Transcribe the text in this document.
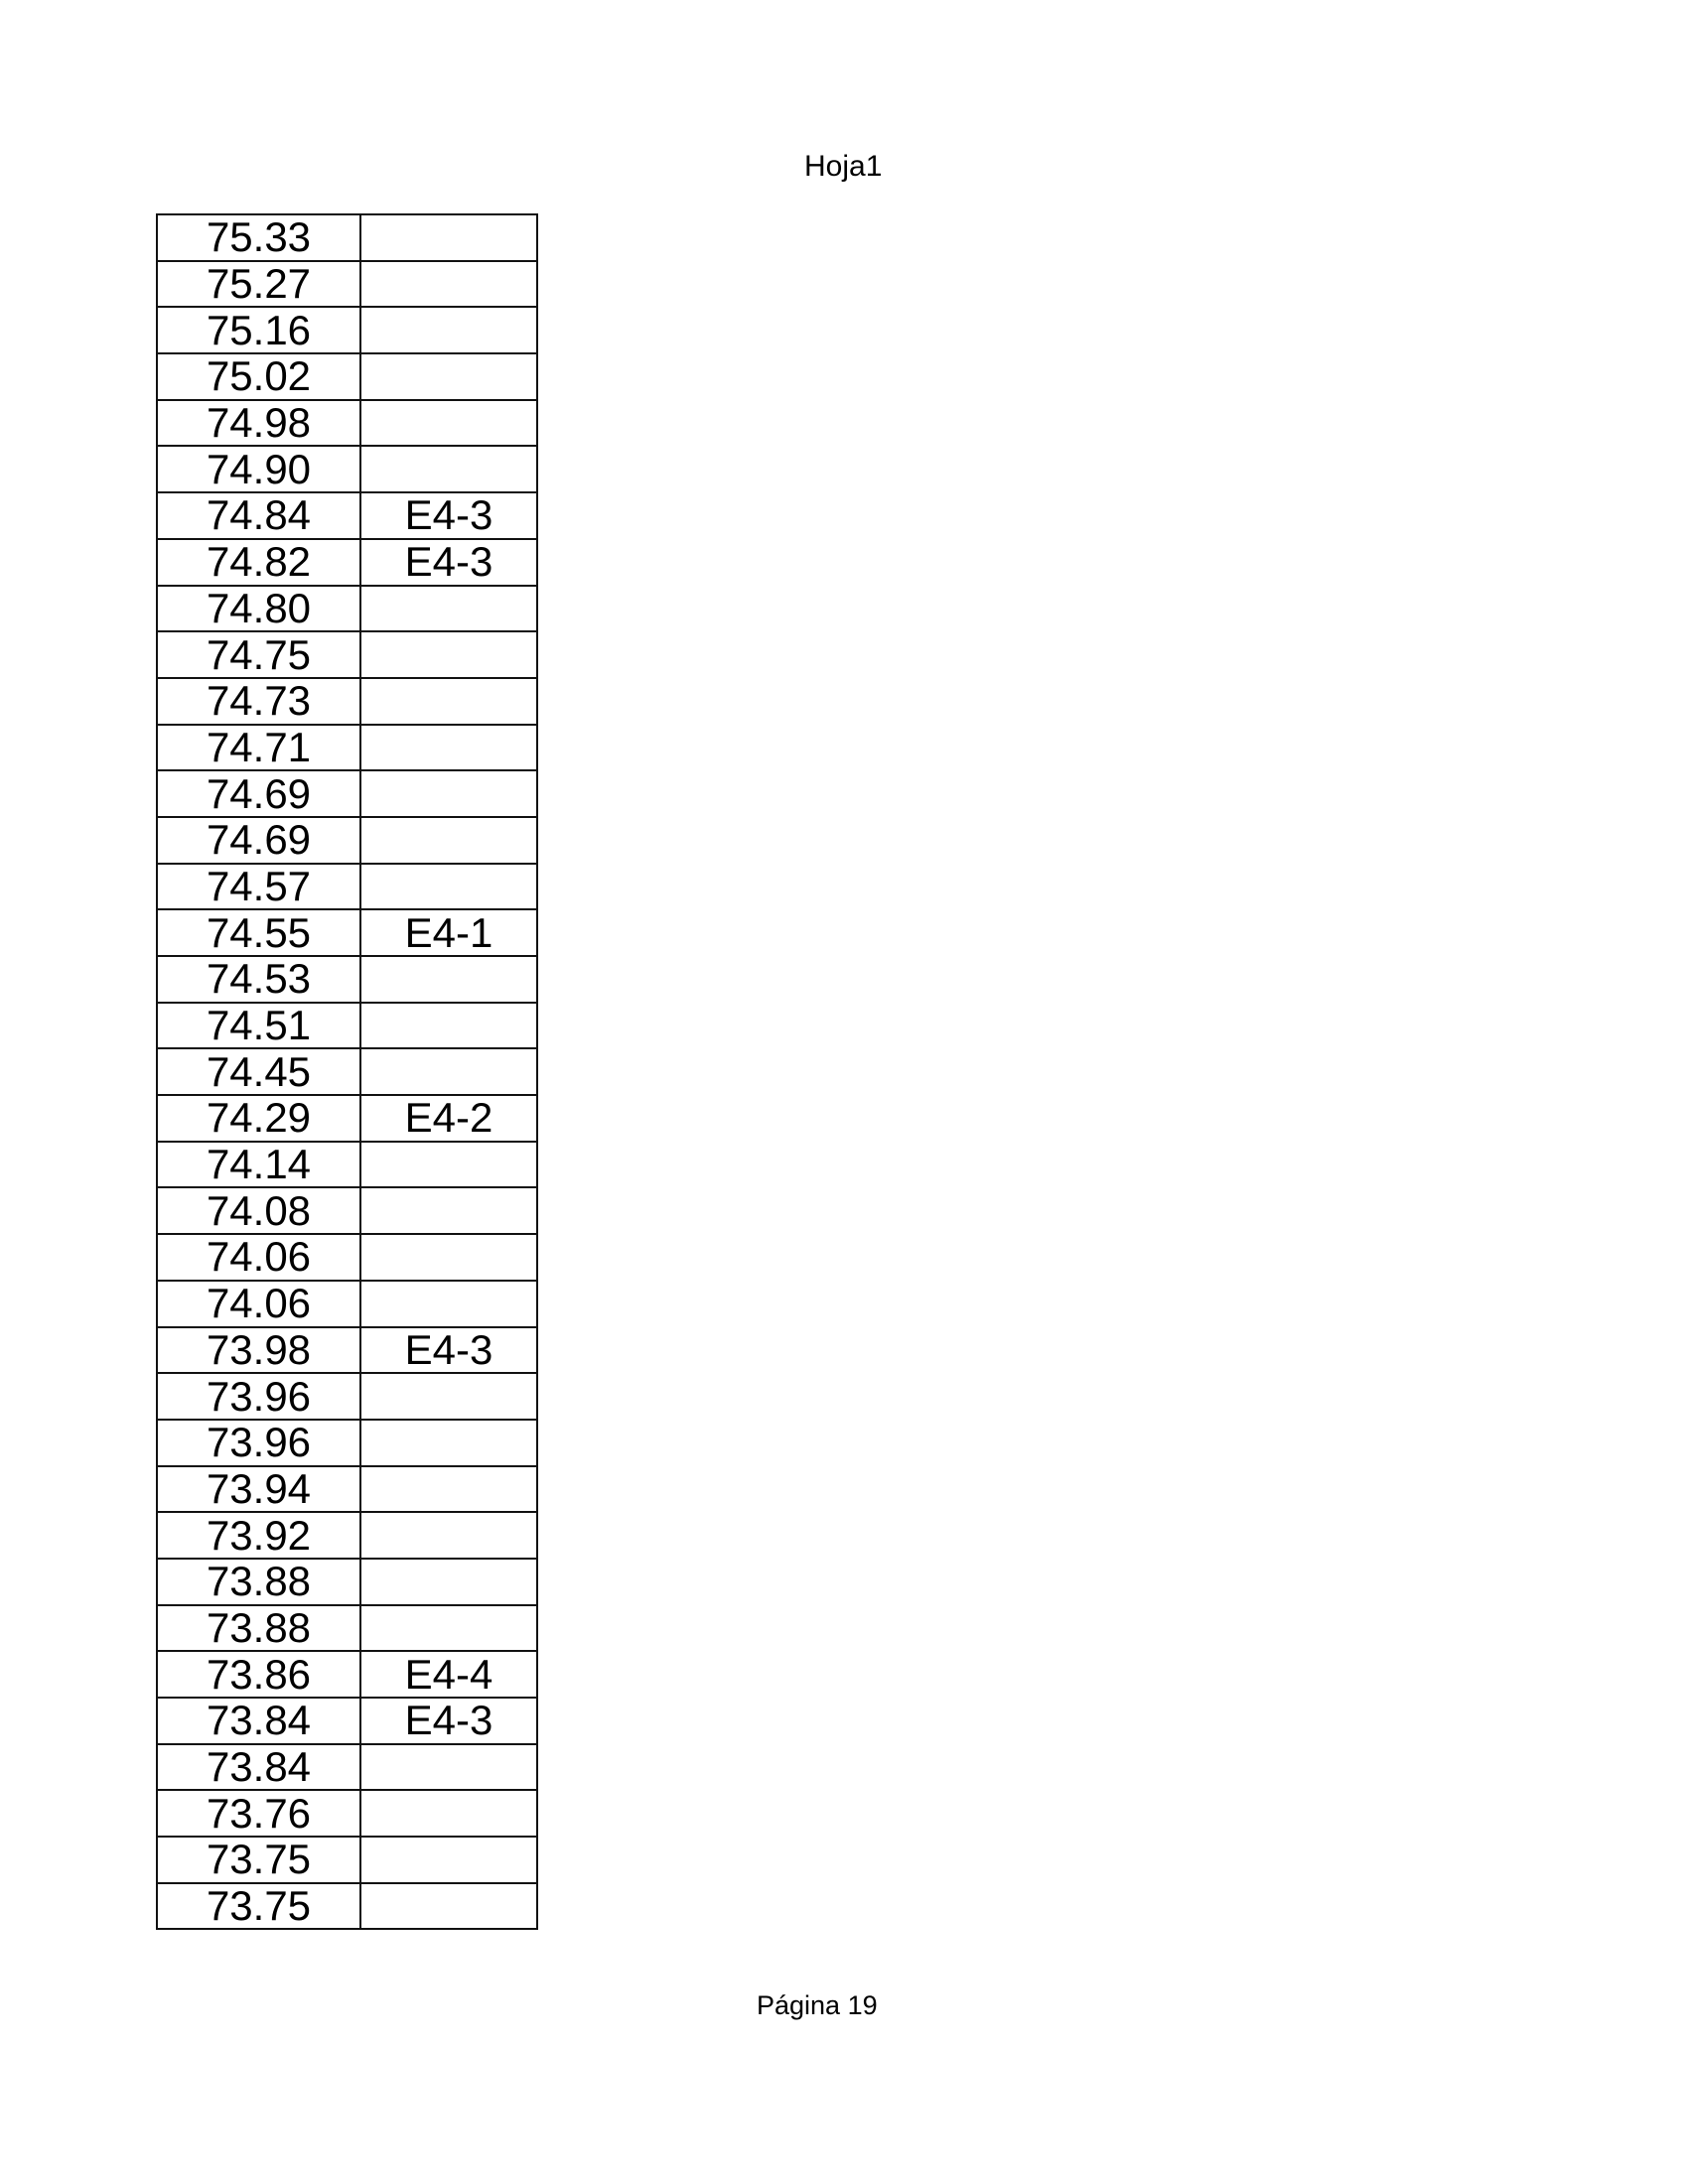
Hoja1
75.33	
75.27	
75.16	
75.02	
74.98	
74.90	
74.84	E4-3
74.82	E4-3
74.80	
74.75	
74.73	
74.71	
74.69	
74.69	
74.57	
74.55	E4-1
74.53	
74.51	
74.45	
74.29	E4-2
74.14	
74.08	
74.06	
74.06	
73.98	E4-3
73.96	
73.96	
73.94	
73.92	
73.88	
73.88	
73.86	E4-4
73.84	E4-3
73.84	
73.76	
73.75	
73.75	
Página 19
